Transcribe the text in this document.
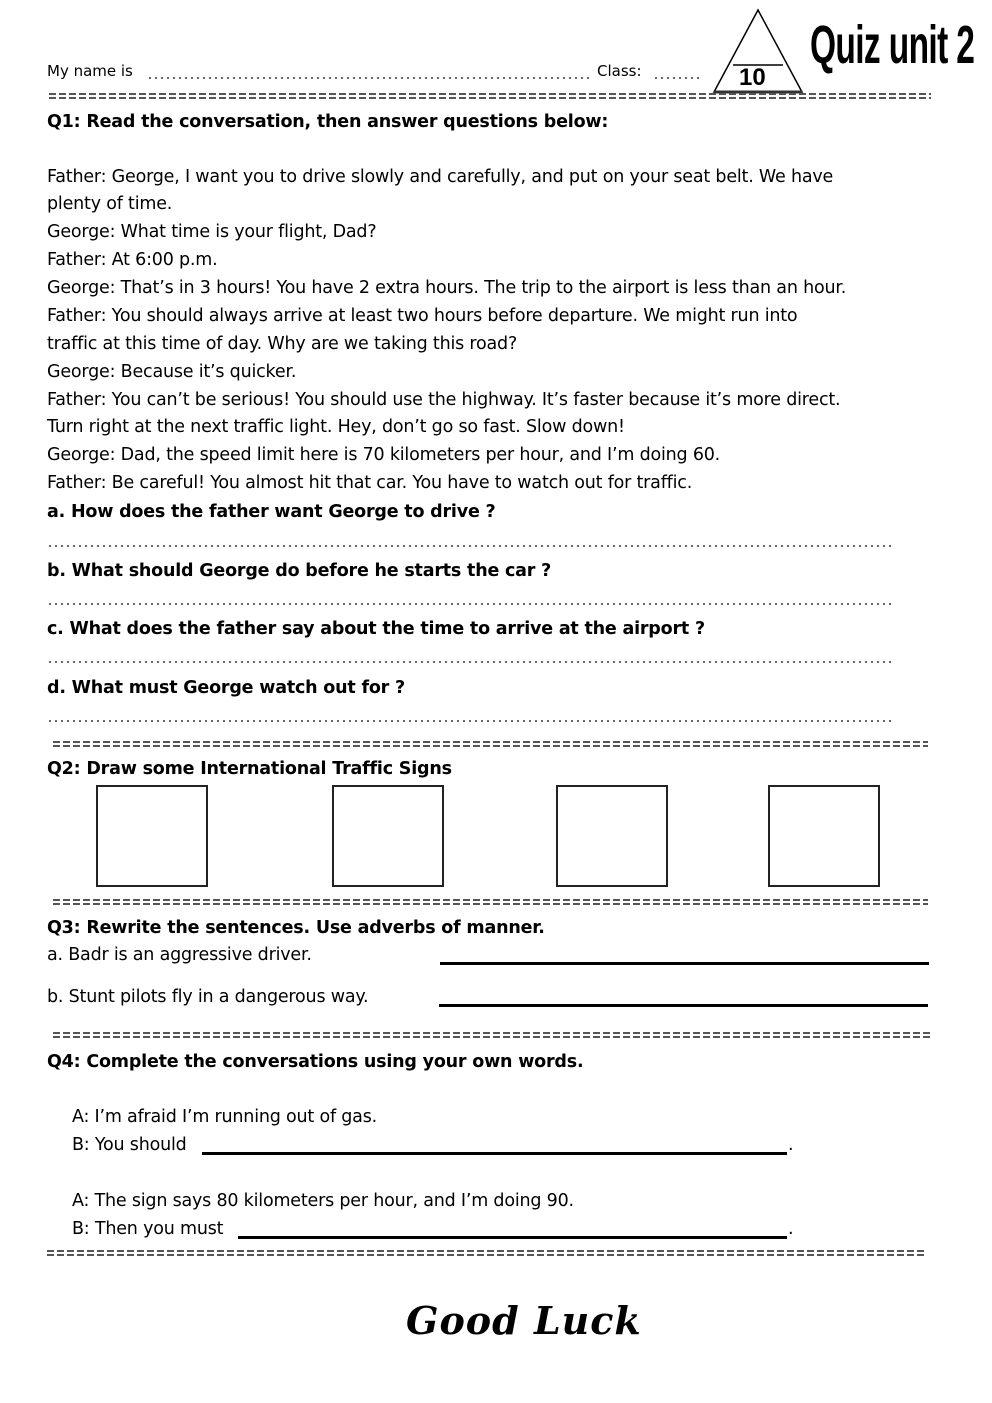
My name is	Class:	10
Quiz unit 2
Q1: Read the conversation, then answer questions below:
Father: George, I want you to drive slowly and carefully, and put on your seat belt. We have
plenty of time.
George: What time is your flight, Dad?
Father: At 6:00 p.m.
George: That’s in 3 hours! You have 2 extra hours. The trip to the airport is less than an hour.
Father: You should always arrive at least two hours before departure. We might run into
traffic at this time of day. Why are we taking this road?
George: Because it’s quicker.
Father: You can’t be serious! You should use the highway. It’s faster because it’s more direct.
Turn right at the next traffic light. Hey, don’t go so fast. Slow down!
George: Dad, the speed limit here is 70 kilometers per hour, and I’m doing 60.
Father: Be careful! You almost hit that car. You have to watch out for traffic.
a. How does the father want George to drive ?
b. What should George do before he starts the car ?
c. What does the father say about the time to arrive at the airport ?
d. What must George watch out for ?
Q2: Draw some International Traffic Signs
Q3: Rewrite the sentences. Use adverbs of manner.
a. Badr is an aggressive driver.
b. Stunt pilots fly in a dangerous way.
Q4: Complete the conversations using your own words.
A: I’m afraid I’m running out of gas.
B: You should	.
A: The sign says 80 kilometers per hour, and I’m doing 90.
B: Then you must	.
Good Luck
